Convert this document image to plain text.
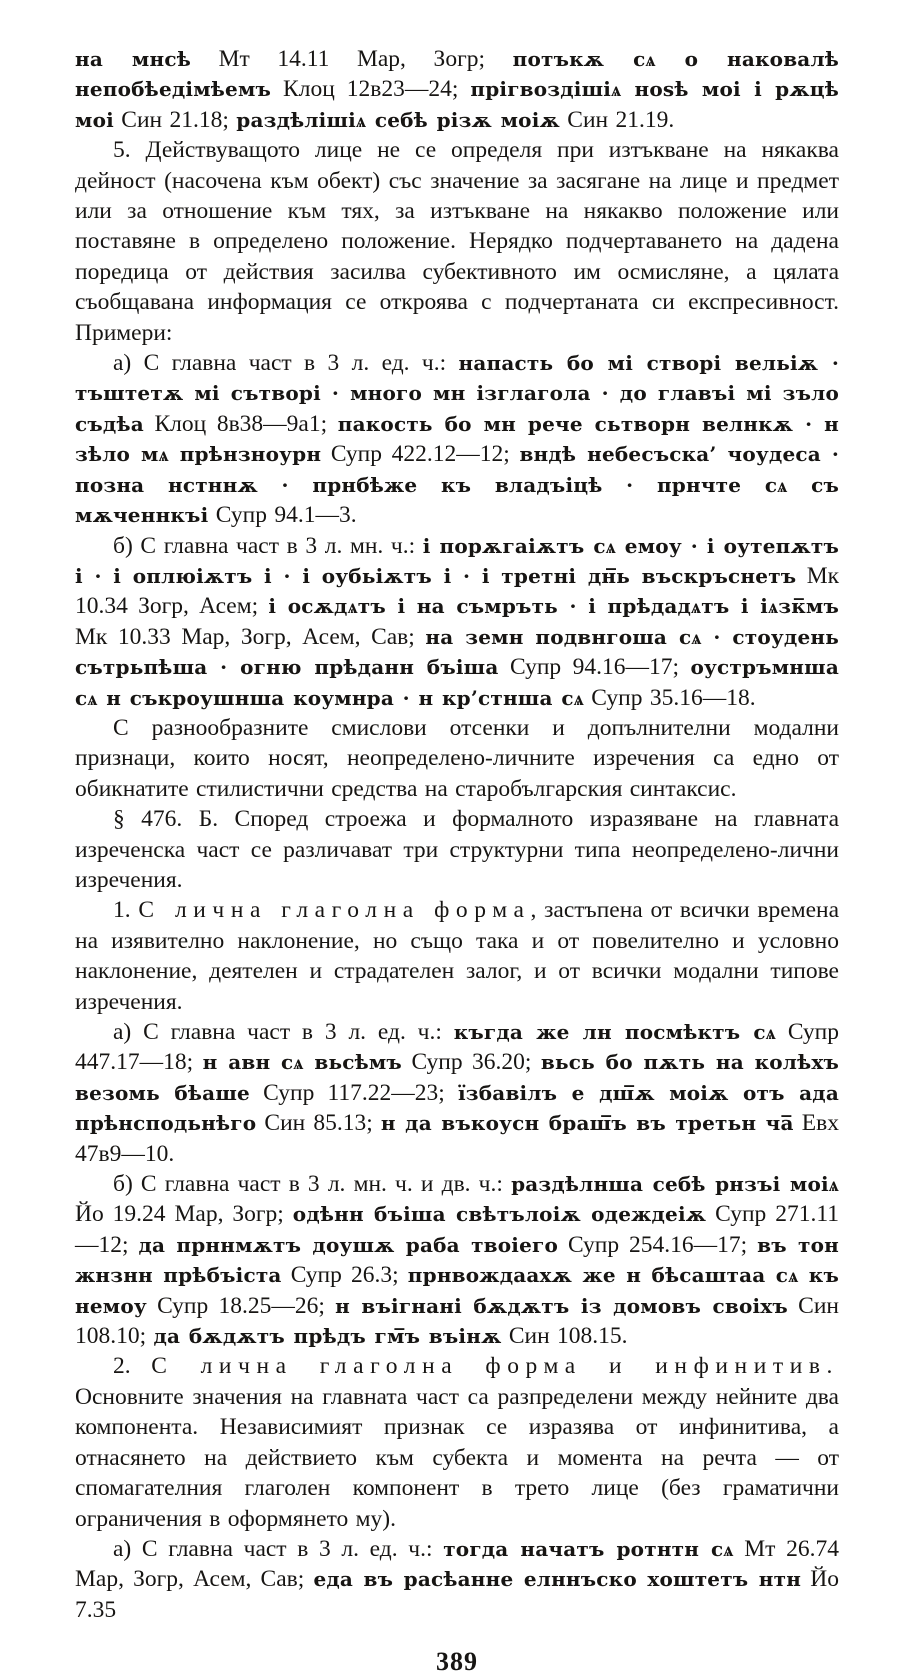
на мнсѣ Мт 14.11 Мар, Зогр; потъкѫ сѧ о наковалѣ непобѣедімѣемъ Клоц 12в23—24; прігвоздішіѧ ноѕѣ моі і рѫцѣ моі Син 21.18; раздѣлішіѧ себѣ різѫ моіѫ Син 21.19.

5. Действуващото лице не се определя при изтъкване на някаква дейност (насочена към обект) със значение за засягане на лице и предмет или за отношение към тях, за изтъкване на някакво положение или поставяне в определено положение. Нерядко подчертаването на дадена поредица от действия засилва субективното им осмисляне, а цялата съобщавана информация се откроява с подчертаната си експресивност. Примери:

а) С главна част в 3 л. ед. ч.: напасть бо мі створі вельіѫ · тъштетѫ мі сътворі · много мн ізглагола · до главъі мі зъло съдѣа Клоц 8в38—9а1; пакость бо мн рече сьтворн велнкѫ · н зѣло мѧ прѣнзноурн Супр 422.12—12; вндѣ небесъска’ чоудеса · позна нстннѫ · прнбѣже къ владъіцѣ · прнчте сѧ съ мѫченнкъі Супр 94.1—3.

б) С главна част в 3 л. мн. ч.: і порѫгаіѫтъ сѧ емоу · і оутепѫтъ і · і оплюіѫтъ і · і оубьіѫтъ і · і третні дн̅ь въскръснетъ Мк 10.34 Зогр, Асем; і осѫдѧтъ і на съмръть · і прѣдадѧтъ і іѧзк̅мъ Мк 10.33 Мар, Зогр, Асем, Сав; на земн подвнгоша сѧ · стоудень сътрьпѣша · огню прѣданн бъіша Супр 94.16—17; оустръмнша сѧ н съкроушнша коумнра · н кр’стнша сѧ Супр 35.16—18.

С разнообразните смислови отсенки и допълнителни модални признаци, които носят, неопределено-личните изречения са едно от обикнатите стилистични средства на старобългарския синтаксис.

§ 476. Б. Според строежа и формалното изразяване на главната изреченска част се различават три структурни типа неопределено-лични изречения.

1. С лична глаголна форма, застъпена от всички времена на изявително наклонение, но също така и от повелително и условно наклонение, деятелен и страдателен залог, и от всички модални типове изречения.

а) С главна част в 3 л. ед. ч.: къгда же лн посмѣктъ сѧ Супр 447.17—18; н авн сѧ вьсѣмъ Супр 36.20; вьсь бо пѫть на колѣхъ везомь бѣаше Супр 117.22—23; їзбавілъ е дш̅ѫ моіѫ отъ ада прѣнсподьнѣго Син 85.13; н да въкоусн браш̅ъ въ третьн ча̅ Евх 47в9—10.

б) С главна част в 3 л. мн. ч. и дв. ч.: раздѣлнша себѣ рнзъі моіѧ Йо 19.24 Мар, Зогр; одѣнн бъіша свѣтълоіѫ одеждеіѫ Супр 271.11—12; да прннмѫтъ доушѫ раба твоіего Супр 254.16—17; въ тон жнзнн прѣбъіста Супр 26.3; прнвождаахѫ же н бѣсаштаа сѧ къ немоу Супр 18.25—26; н въігнані бѫдѫтъ із домовъ своіхъ Син 108.10; да бѫдѫтъ прѣдъ гм̅ъ въінѫ Син 108.15.

2. С лична глаголна форма и инфинитив. Основните значения на главната част са разпределени между нейните два компонента. Независимият признак се изразява от инфинитива, а отнасянето на действието към субекта и момента на речта — от спомагателния глаголен компонент в трето лице (без граматични ограничения в оформянето му).

а) С главна част в 3 л. ед. ч.: тогда начатъ ротнтн сѧ Мт 26.74 Мар, Зогр, Асем, Сав; еда въ расѣанне елннъско хоштетъ нтн Йо 7.35

389
